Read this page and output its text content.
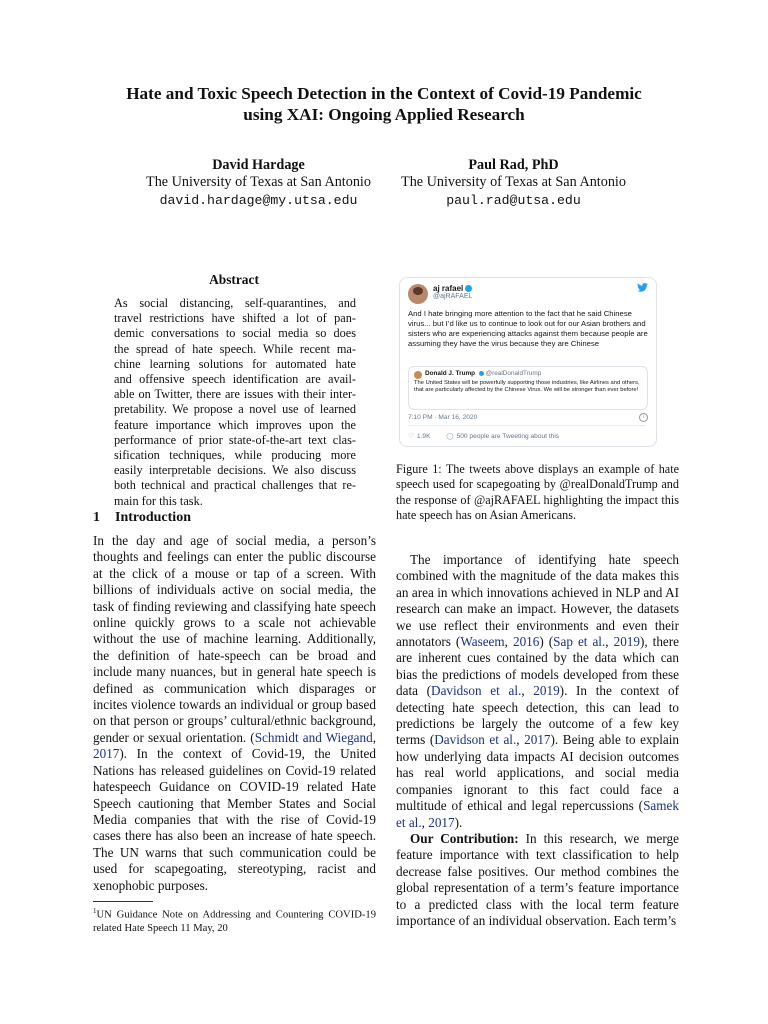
Hate and Toxic Speech Detection in the Context of Covid-19 Pandemic
using XAI: Ongoing Applied Research
David Hardage
The University of Texas at San Antonio
david.hardage@my.utsa.edu
Paul Rad, PhD
The University of Texas at San Antonio
paul.rad@utsa.edu
Abstract
As social distancing, self-quarantines, and
travel restrictions have shifted a lot of pan-
demic conversations to social media so does
the spread of hate speech. While recent ma-
chine learning solutions for automated hate
and offensive speech identification are avail-
able on Twitter, there are issues with their inter-
pretability. We propose a novel use of learned
feature importance which improves upon the
performance of prior state-of-the-art text clas-
sification techniques, while producing more
easily interpretable decisions. We also discuss
both technical and practical challenges that re-
main for this task.
1 Introduction
In the day and age of social media, a person’s thoughts and feelings can enter the public discourse at the click of a mouse or tap of a screen. With billions of individuals active on social media, the task of finding reviewing and classifying hate speech online quickly grows to a scale not achievable without the use of machine learning. Additionally, the definition of hate-speech can be broad and include many nuances, but in general hate speech is defined as communication which disparages or incites violence towards an individual or group based on that person or groups’ cultural/ethnic background, gender or sexual orientation. (Schmidt and Wiegand, 2017). In the context of Covid-19, the United Nations has released guidelines on Covid-19 related hatespeech Guidance on COVID-19 related Hate Speech cautioning that Member States and Social Media companies that with the rise of Covid-19 cases there has also been an increase of hate speech. The UN warns that such communication could be used for scapegoating, stereotyping, racist and xenophobic purposes.
$^1$UN Guidance Note on Addressing and Countering COVID-19 related Hate Speech 11 May, 20
aj rafael
@ajRAFAEL
And I hate bringing more attention to the fact that he said Chinese virus... but I’d like us to continue to look out for our Asian brothers and sisters who are experiencing attacks against them because people are assuming they have the virus because they are Chinese
Donald J. Trump @realDonaldTrump
The United States will be powerfully supporting those industries, like Airlines and others, that are particularly affected by the Chinese Virus. We will be stronger than ever before!
7:10 PM · Mar 16, 2020	i
♡ 1.9K ◯ 500 people are Tweeting about this
Figure 1: The tweets above displays an example of hate speech used for scapegoating by @realDonaldTrump and the response of @ajRAFAEL highlighting the impact this hate speech has on Asian Americans.
The importance of identifying hate speech combined with the magnitude of the data makes this an area in which innovations achieved in NLP and AI research can make an impact. However, the datasets we use reflect their environments and even their annotators (Waseem, 2016) (Sap et al., 2019), there are inherent cues contained by the data which can bias the predictions of models developed from these data (Davidson et al., 2019). In the context of detecting hate speech detection, this can lead to predictions be largely the outcome of a few key terms (Davidson et al., 2017). Being able to explain how underlying data impacts AI decision outcomes has real world applications, and social media companies ignorant to this fact could face a multitude of ethical and legal repercussions (Samek et al., 2017).
Our Contribution: In this research, we merge feature importance with text classification to help decrease false positives. Our method combines the global representation of a term’s feature importance to a predicted class with the local term feature importance of an individual observation. Each term’s
